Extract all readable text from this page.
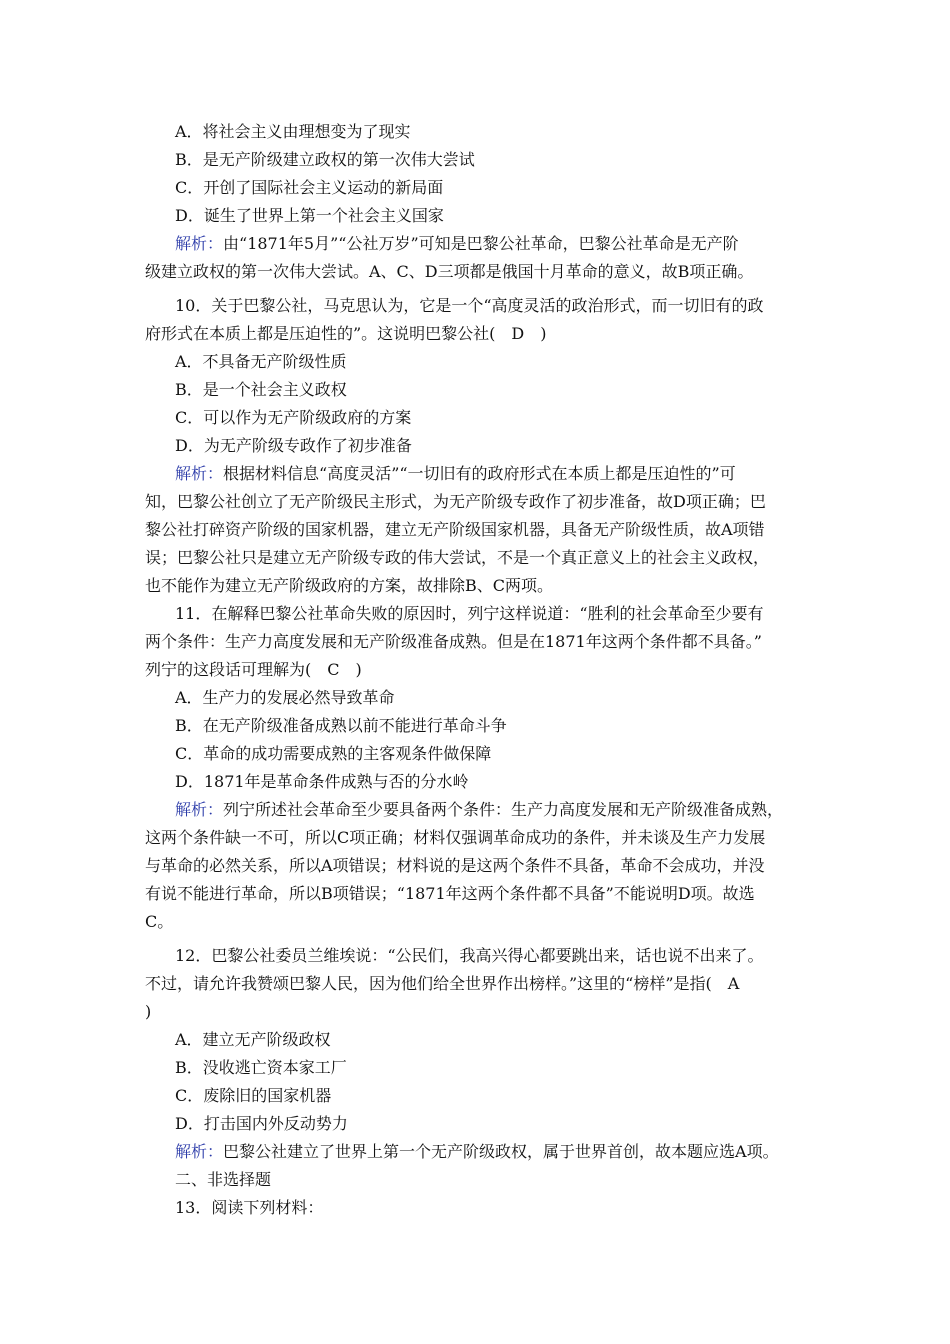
A．将社会主义由理想变为了现实
B．是无产阶级建立政权的第一次伟大尝试
C．开创了国际社会主义运动的新局面
D．诞生了世界上第一个社会主义国家
解析：由“1871年5月”“公社万岁”可知是巴黎公社革命，巴黎公社革命是无产阶
级建立政权的第一次伟大尝试。A、C、D三项都是俄国十月革命的意义，故B项正确。
10．关于巴黎公社，马克思认为，它是一个“高度灵活的政治形式，而一切旧有的政
府形式在本质上都是压迫性的”。这说明巴黎公社(　D　)
A．不具备无产阶级性质
B．是一个社会主义政权
C．可以作为无产阶级政府的方案
D．为无产阶级专政作了初步准备
解析：根据材料信息“高度灵活”“一切旧有的政府形式在本质上都是压迫性的”可
知，巴黎公社创立了无产阶级民主形式，为无产阶级专政作了初步准备，故D项正确；巴
黎公社打碎资产阶级的国家机器，建立无产阶级国家机器，具备无产阶级性质，故A项错
误；巴黎公社只是建立无产阶级专政的伟大尝试，不是一个真正意义上的社会主义政权，
也不能作为建立无产阶级政府的方案，故排除B、C两项。
11．在解释巴黎公社革命失败的原因时，列宁这样说道：“胜利的社会革命至少要有
两个条件：生产力高度发展和无产阶级准备成熟。但是在1871年这两个条件都不具备。”
列宁的这段话可理解为(　C　)
A．生产力的发展必然导致革命
B．在无产阶级准备成熟以前不能进行革命斗争
C．革命的成功需要成熟的主客观条件做保障
D．1871年是革命条件成熟与否的分水岭
解析：列宁所述社会革命至少要具备两个条件：生产力高度发展和无产阶级准备成熟，
这两个条件缺一不可，所以C项正确；材料仅强调革命成功的条件，并未谈及生产力发展
与革命的必然关系，所以A项错误；材料说的是这两个条件不具备，革命不会成功，并没
有说不能进行革命，所以B项错误；“1871年这两个条件都不具备”不能说明D项。故选
C。
12．巴黎公社委员兰维埃说：“公民们，我高兴得心都要跳出来，话也说不出来了。
不过，请允许我赞颂巴黎人民，因为他们给全世界作出榜样。”这里的“榜样”是指(　A
)
A．建立无产阶级政权
B．没收逃亡资本家工厂
C．废除旧的国家机器
D．打击国内外反动势力
解析：巴黎公社建立了世界上第一个无产阶级政权，属于世界首创，故本题应选A项。
二、非选择题
13．阅读下列材料：
